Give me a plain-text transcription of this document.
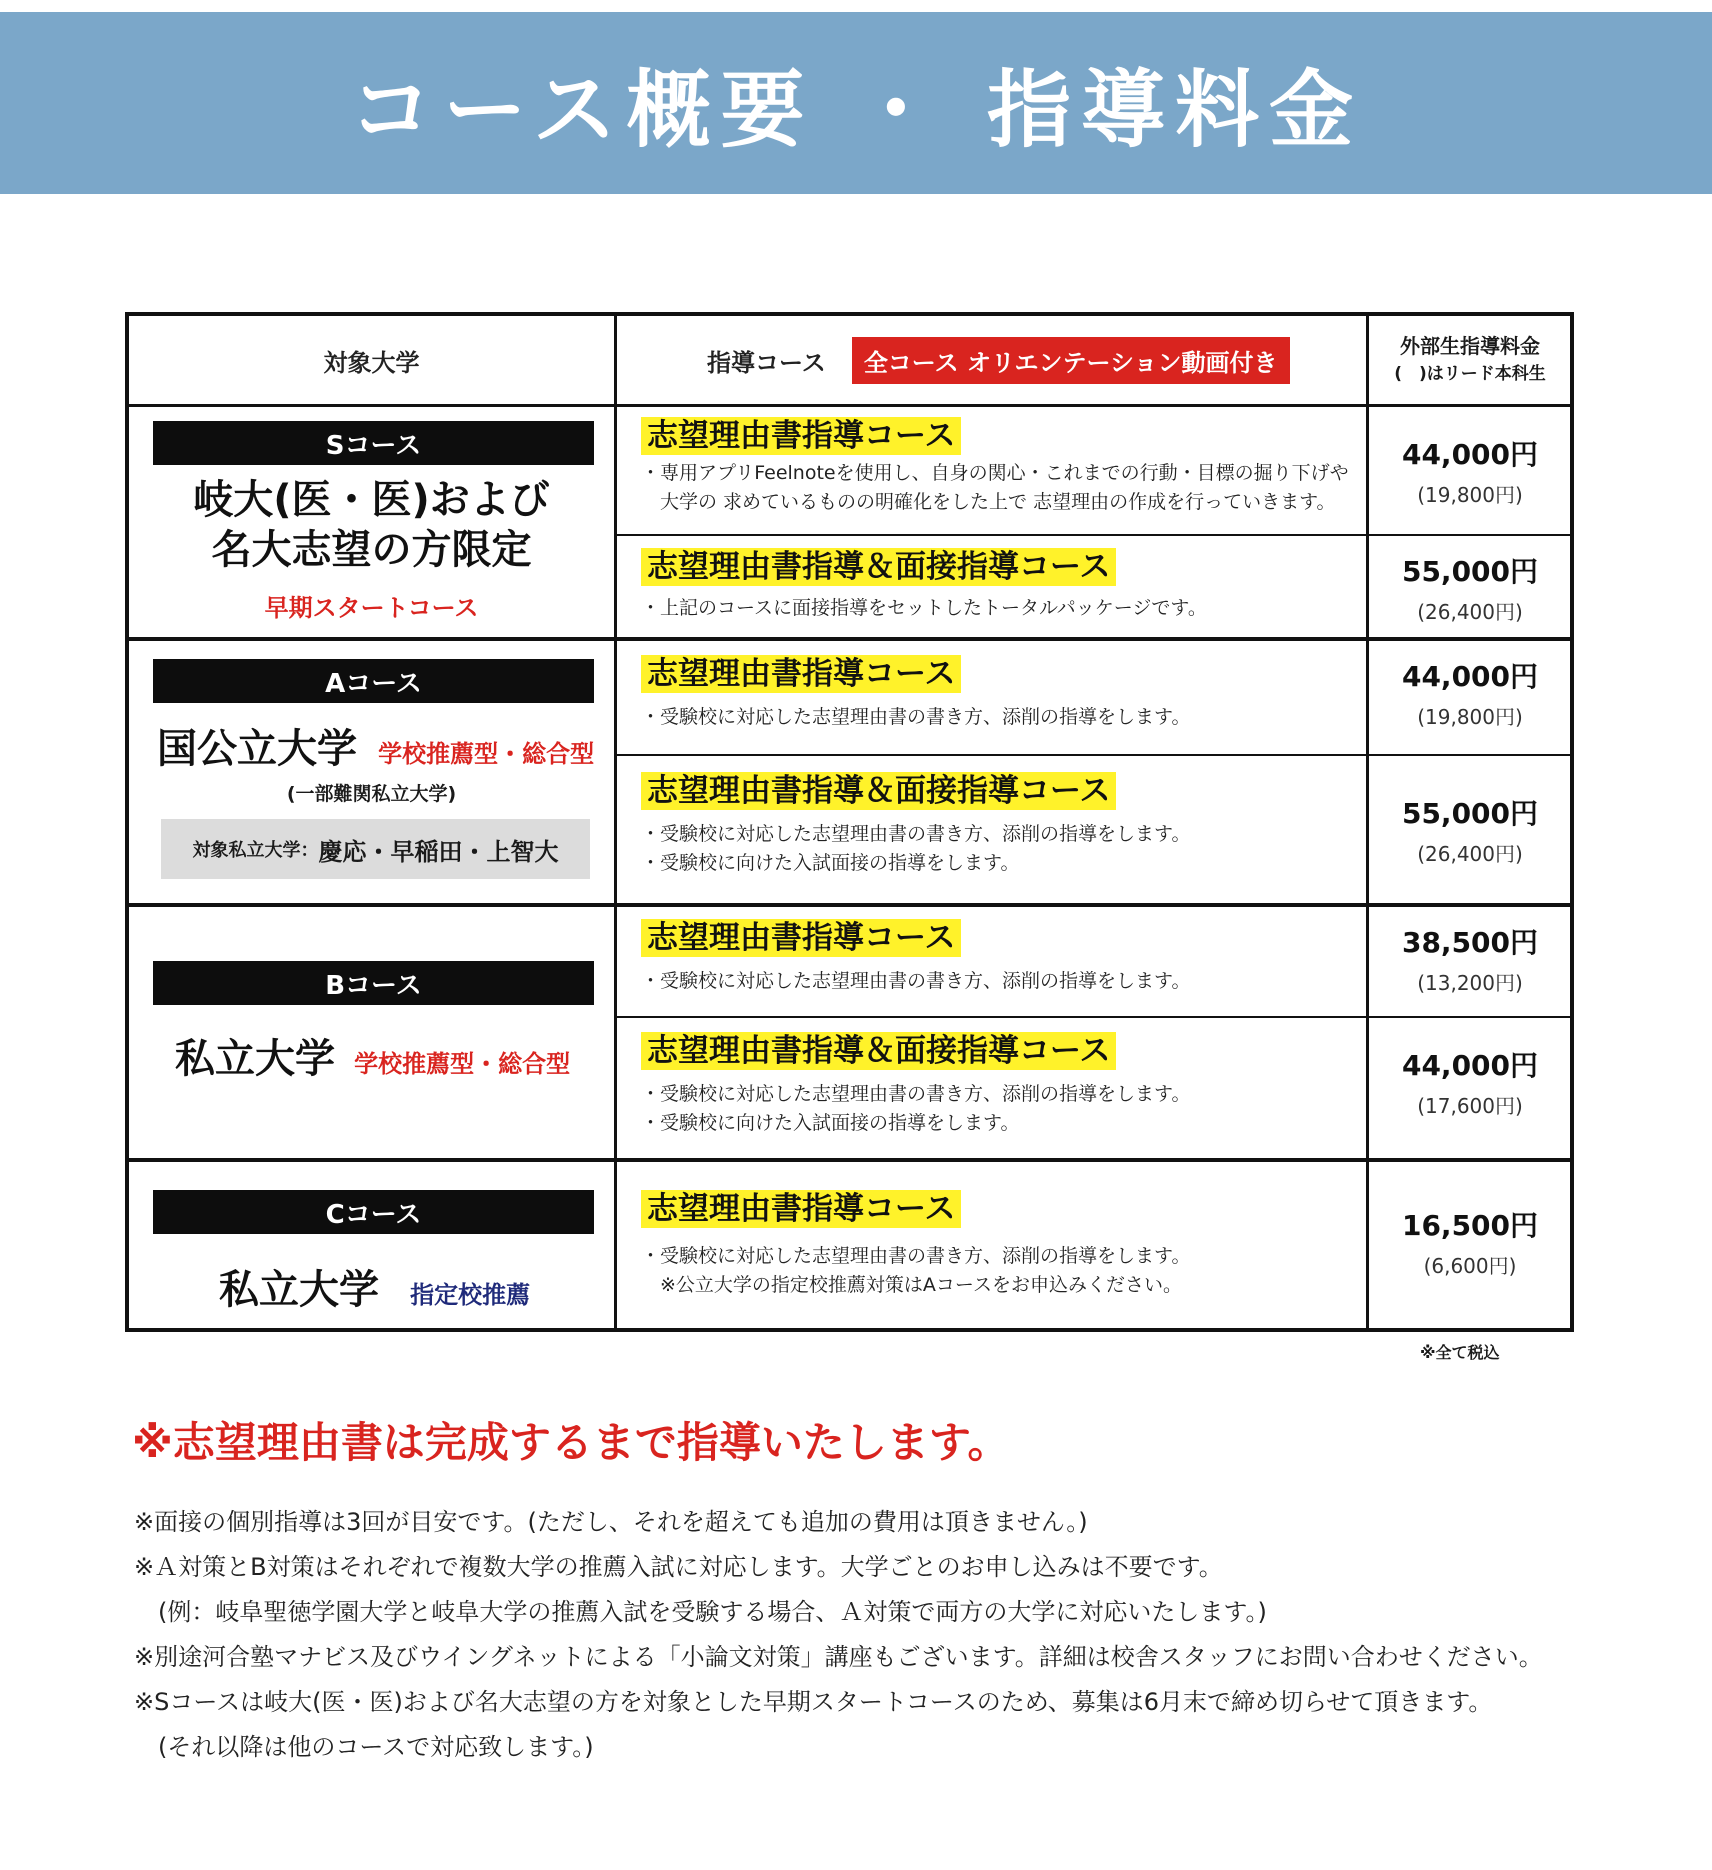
コース概要 ・ 指導料金
対象大学	指導コース	全コース オリエンテーション動画付き
外部生指導料金
(　)はリード本科生
Sコース
岐大(医・医)および
名大志望の方限定
早期スタートコース
Aコース
国公立大学 学校推薦型・総合型
(一部難関私立大学)
対象私立大学： 慶応・早稲田・上智大
Bコース
私立大学 学校推薦型・総合型
Cコース
私立大学 指定校推薦
志望理由書指導コース
・専用アプリFeelnoteを使用し、自身の関心・これまでの行動・目標の掘り下げや
　大学の 求めているものの明確化をした上で 志望理由の作成を行っていきます。
志望理由書指導＆面接指導コース
・上記のコースに面接指導をセットしたトータルパッケージです。
志望理由書指導コース
・受験校に対応した志望理由書の書き方、添削の指導をします。
志望理由書指導＆面接指導コース
・受験校に対応した志望理由書の書き方、添削の指導をします。
・受験校に向けた入試面接の指導をします。
志望理由書指導コース
・受験校に対応した志望理由書の書き方、添削の指導をします。
志望理由書指導＆面接指導コース
・受験校に対応した志望理由書の書き方、添削の指導をします。
・受験校に向けた入試面接の指導をします。
志望理由書指導コース
・受験校に対応した志望理由書の書き方、添削の指導をします。
　※公立大学の指定校推薦対策はAコースをお申込みください。
44,000円
(19,800円)
55,000円
(26,400円)
44,000円
(19,800円)
55,000円
(26,400円)
38,500円
(13,200円)
44,000円
(17,600円)
16,500円
(6,600円)
※全て税込
※志望理由書は完成するまで指導いたします。
※面接の個別指導は3回が目安です。(ただし、それを超えても追加の費用は頂きません。)
※Ａ対策とB対策はそれぞれで複数大学の推薦入試に対応します。大学ごとのお申し込みは不要です。
　(例：岐阜聖徳学園大学と岐阜大学の推薦入試を受験する場合、Ａ対策で両方の大学に対応いたします。)
※別途河合塾マナビス及びウイングネットによる「小論文対策」講座もございます。詳細は校舎スタッフにお問い合わせください。
※Sコースは岐大(医・医)および名大志望の方を対象とした早期スタートコースのため、募集は6月末で締め切らせて頂きます。
　(それ以降は他のコースで対応致します。)
